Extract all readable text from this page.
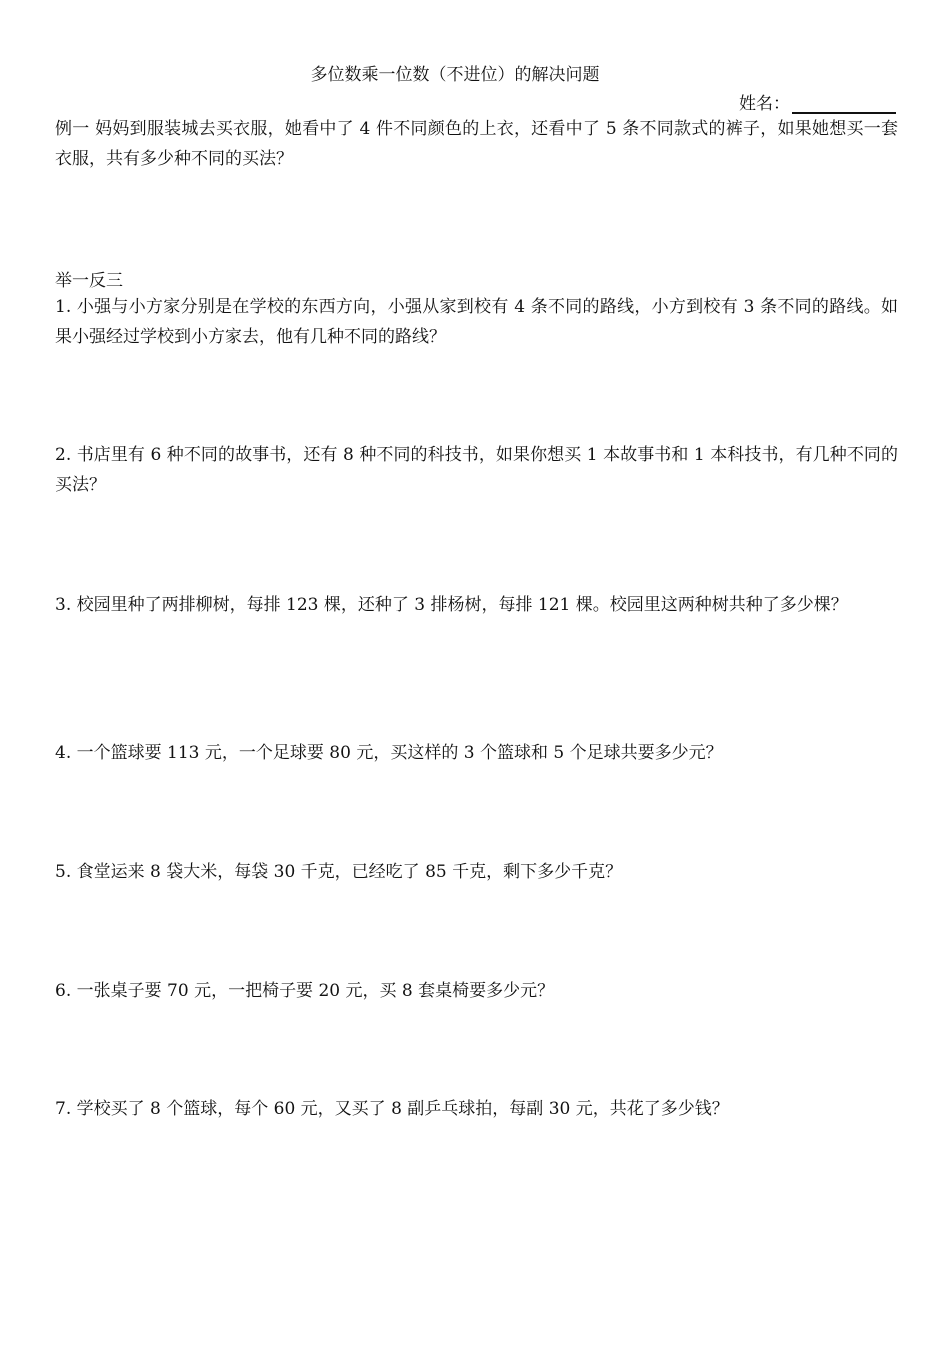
多位数乘一位数（不进位）的解决问题
姓名：
例一 妈妈到服装城去买衣服，她看中了 4 件不同颜色的上衣，还看中了 5 条不同款式的裤子，如果她想买一套衣服，共有多少种不同的买法？
举一反三
1. 小强与小方家分别是在学校的东西方向，小强从家到校有 4 条不同的路线，小方到校有 3 条不同的路线。如果小强经过学校到小方家去，他有几种不同的路线？
2. 书店里有 6 种不同的故事书，还有 8 种不同的科技书，如果你想买 1 本故事书和 1 本科技书，有几种不同的买法？
3. 校园里种了两排柳树，每排 123 棵，还种了 3 排杨树，每排 121 棵。校园里这两种树共种了多少棵？
4. 一个篮球要 113 元，一个足球要 80 元，买这样的 3 个篮球和 5 个足球共要多少元？
5. 食堂运来 8 袋大米，每袋 30 千克，已经吃了 85 千克，剩下多少千克？
6. 一张桌子要 70 元，一把椅子要 20 元，买 8 套桌椅要多少元？
7. 学校买了 8 个篮球，每个 60 元，又买了 8 副乒乓球拍，每副 30 元，共花了多少钱？
